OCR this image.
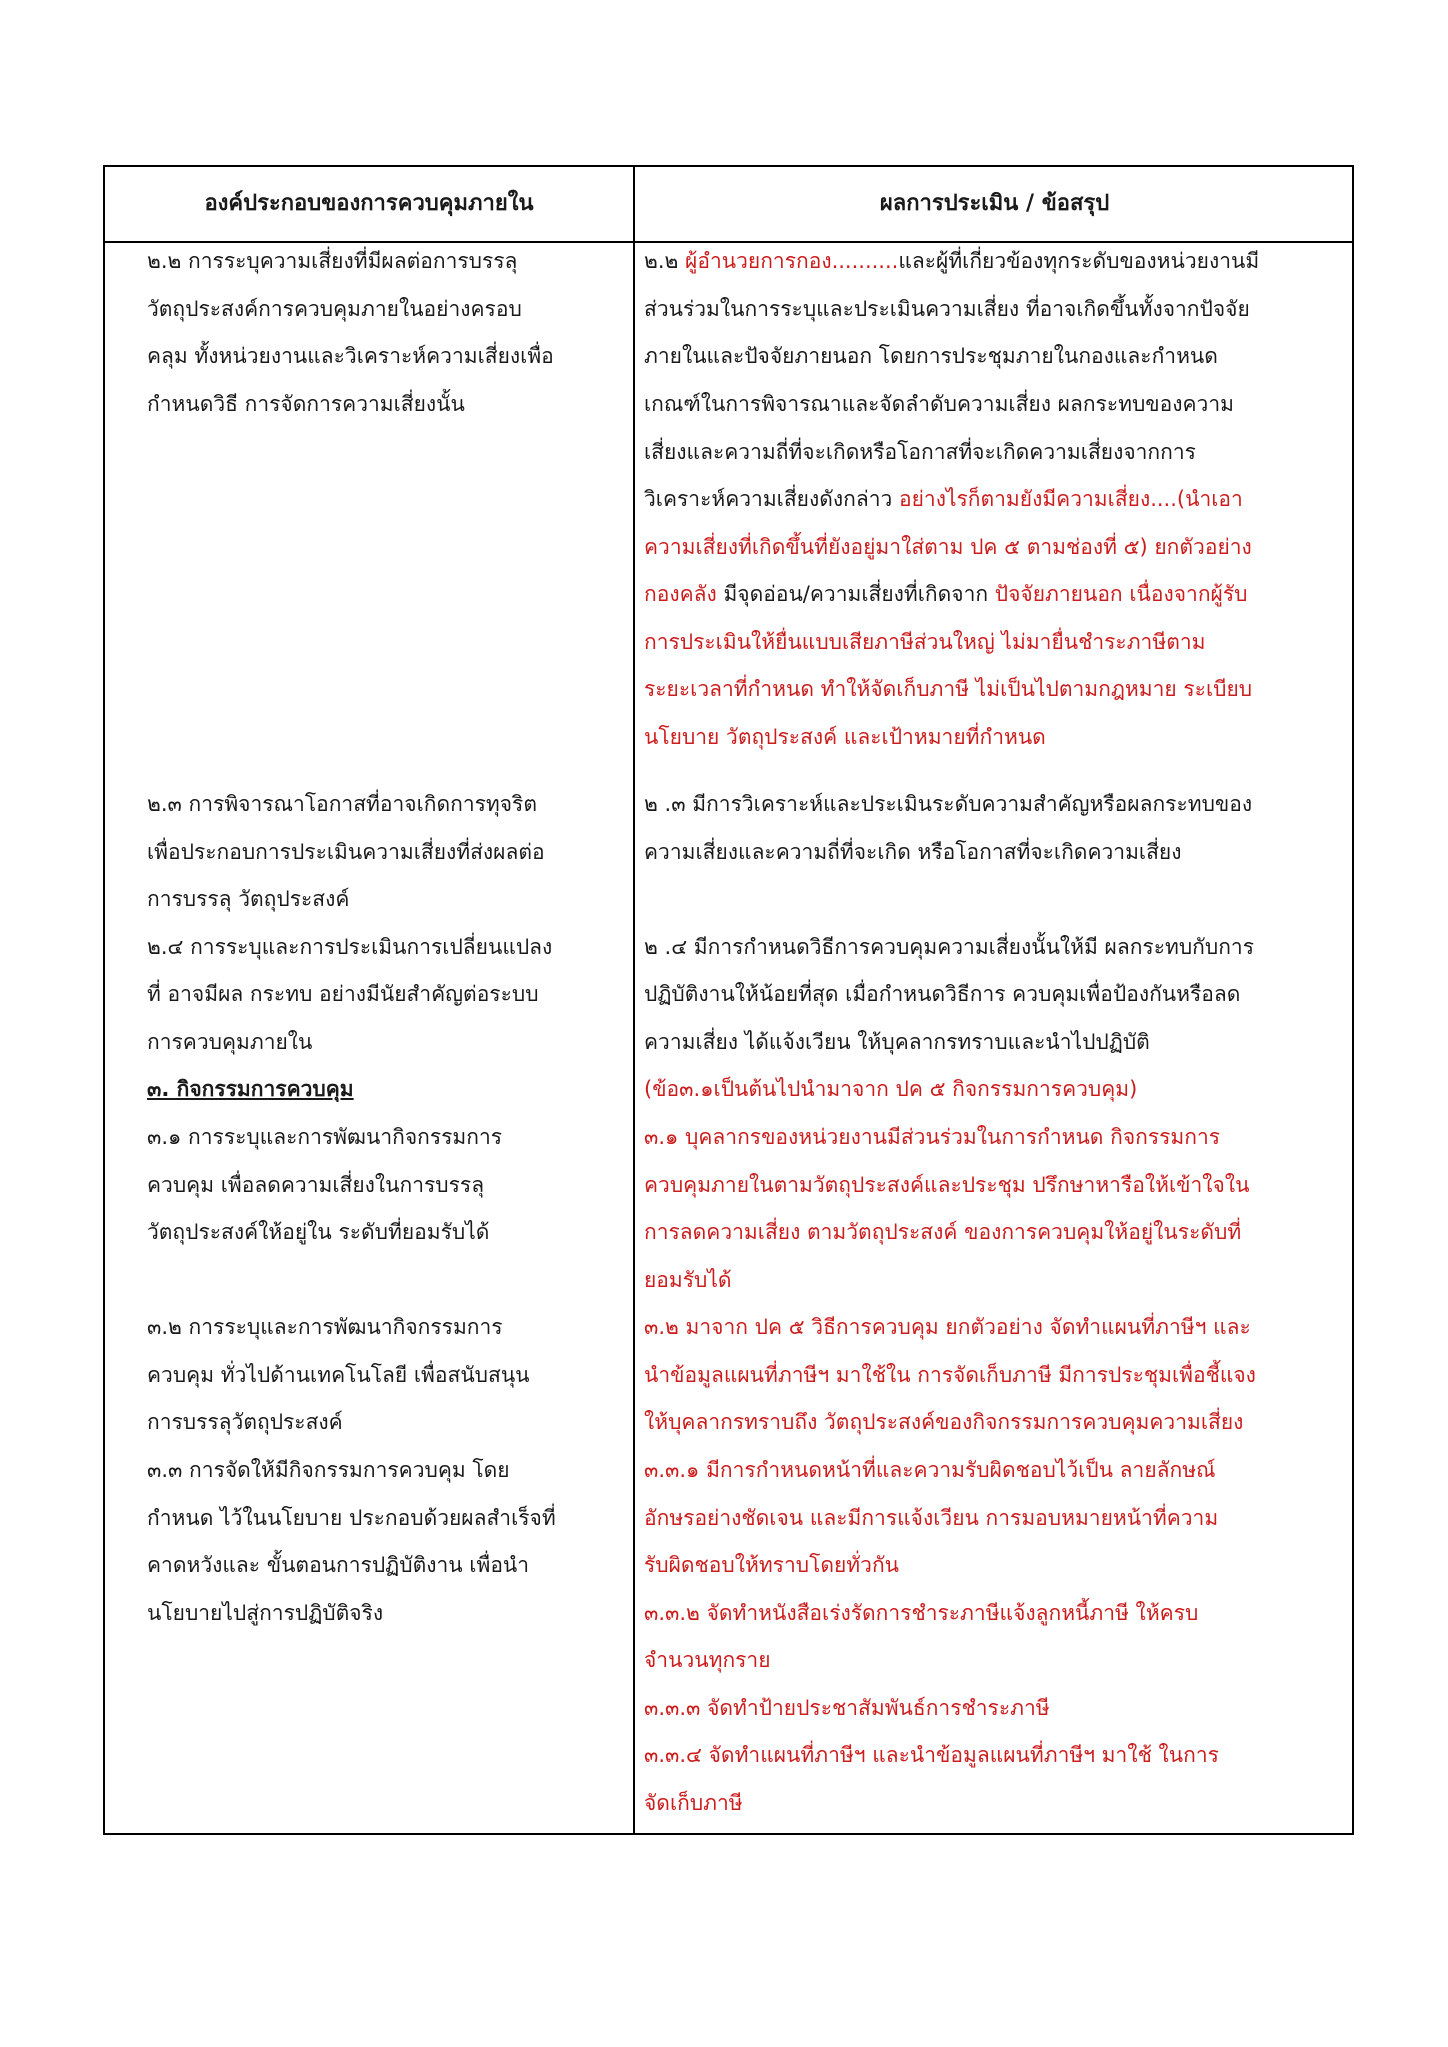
องค์ประกอบของการควบคุมภายใน	ผลการประเมิน / ข้อสรุป
๒.๒ การระบุความเสี่ยงที่มีผลต่อการบรรลุ
วัตถุประสงค์การควบคุมภายในอย่างครอบ
คลุม ทั้งหน่วยงานและวิเคราะห์ความเสี่ยงเพื่อ
กำหนดวิธี การจัดการความเสี่ยงนั้น
๒.๓ การพิจารณาโอกาสที่อาจเกิดการทุจริต
เพื่อประกอบการประเมินความเสี่ยงที่ส่งผลต่อ
การบรรลุ วัตถุประสงค์
๒.๔ การระบุและการประเมินการเปลี่ยนแปลง
ที่ อาจมีผล กระทบ อย่างมีนัยสำคัญต่อระบบ
การควบคุมภายใน
๓. กิจกรรมการควบคุม
๓.๑ การระบุและการพัฒนากิจกรรมการ
ควบคุม เพื่อลดความเสี่ยงในการบรรลุ
วัตถุประสงค์ให้อยู่ใน ระดับที่ยอมรับได้
๓.๒ การระบุและการพัฒนากิจกรรมการ
ควบคุม ทั่วไปด้านเทคโนโลยี เพื่อสนับสนุน
การบรรลุวัตถุประสงค์
๓.๓ การจัดให้มีกิจกรรมการควบคุม โดย
กำหนด ไว้ในนโยบาย ประกอบด้วยผลสำเร็จที่
คาดหวังและ ขั้นตอนการปฏิบัติงาน เพื่อนำ
นโยบายไปสู่การปฏิบัติจริง
๒.๒ ผู้อำนวยการกอง..........และผู้ที่เกี่ยวข้องทุกระดับของหน่วยงานมี
ส่วนร่วมในการระบุและประเมินความเสี่ยง ที่อาจเกิดขึ้นทั้งจากปัจจัย
ภายในและปัจจัยภายนอก โดยการประชุมภายในกองและกำหนด
เกณฑ์ในการพิจารณาและจัดลำดับความเสี่ยง ผลกระทบของความ
เสี่ยงและความถี่ที่จะเกิดหรือโอกาสที่จะเกิดความเสี่ยงจากการ
วิเคราะห์ความเสี่ยงดังกล่าว อย่างไรก็ตามยังมีความเสี่ยง....(นำเอา
ความเสี่ยงที่เกิดขึ้นที่ยังอยู่มาใส่ตาม ปค ๕ ตามช่องที่ ๕) ยกตัวอย่าง
กองคลัง มีจุดอ่อน/ความเสี่ยงที่เกิดจาก ปัจจัยภายนอก เนื่องจากผู้รับ
การประเมินให้ยื่นแบบเสียภาษีส่วนใหญ่ ไม่มายื่นชำระภาษีตาม
ระยะเวลาที่กำหนด ทำให้จัดเก็บภาษี ไม่เป็นไปตามกฎหมาย ระเบียบ
นโยบาย วัตถุประสงค์ และเป้าหมายที่กำหนด
๒ .๓ มีการวิเคราะห์และประเมินระดับความสำคัญหรือผลกระทบของ
ความเสี่ยงและความถี่ที่จะเกิด หรือโอกาสที่จะเกิดความเสี่ยง
๒ .๔ มีการกำหนดวิธีการควบคุมความเสี่ยงนั้นให้มี ผลกระทบกับการ
ปฏิบัติงานให้น้อยที่สุด เมื่อกำหนดวิธีการ ควบคุมเพื่อป้องกันหรือลด
ความเสี่ยง ได้แจ้งเวียน ให้บุคลากรทราบและนำไปปฏิบัติ
(ข้อ๓.๑เป็นต้นไปนำมาจาก ปค ๕ กิจกรรมการควบคุม)
๓.๑ บุคลากรของหน่วยงานมีส่วนร่วมในการกำหนด กิจกรรมการ
ควบคุมภายในตามวัตถุประสงค์และประชุม ปรึกษาหารือให้เข้าใจใน
การลดความเสี่ยง ตามวัตถุประสงค์ ของการควบคุมให้อยู่ในระดับที่
ยอมรับได้
๓.๒ มาจาก ปค ๕ วิธีการควบคุม ยกตัวอย่าง จัดทำแผนที่ภาษีฯ และ
นำข้อมูลแผนที่ภาษีฯ มาใช้ใน การจัดเก็บภาษี มีการประชุมเพื่อชี้แจง
ให้บุคลากรทราบถึง วัตถุประสงค์ของกิจกรรมการควบคุมความเสี่ยง
๓.๓.๑ มีการกำหนดหน้าที่และความรับผิดชอบไว้เป็น ลายลักษณ์
อักษรอย่างชัดเจน และมีการแจ้งเวียน การมอบหมายหน้าที่ความ
รับผิดชอบให้ทราบโดยทั่วกัน
๓.๓.๒ จัดทำหนังสือเร่งรัดการชำระภาษีแจ้งลูกหนี้ภาษี ให้ครบ
จำนวนทุกราย
๓.๓.๓ จัดทำป้ายประชาสัมพันธ์การชำระภาษี
๓.๓.๔ จัดทำแผนที่ภาษีฯ และนำข้อมูลแผนที่ภาษีฯ มาใช้ ในการ
จัดเก็บภาษี
